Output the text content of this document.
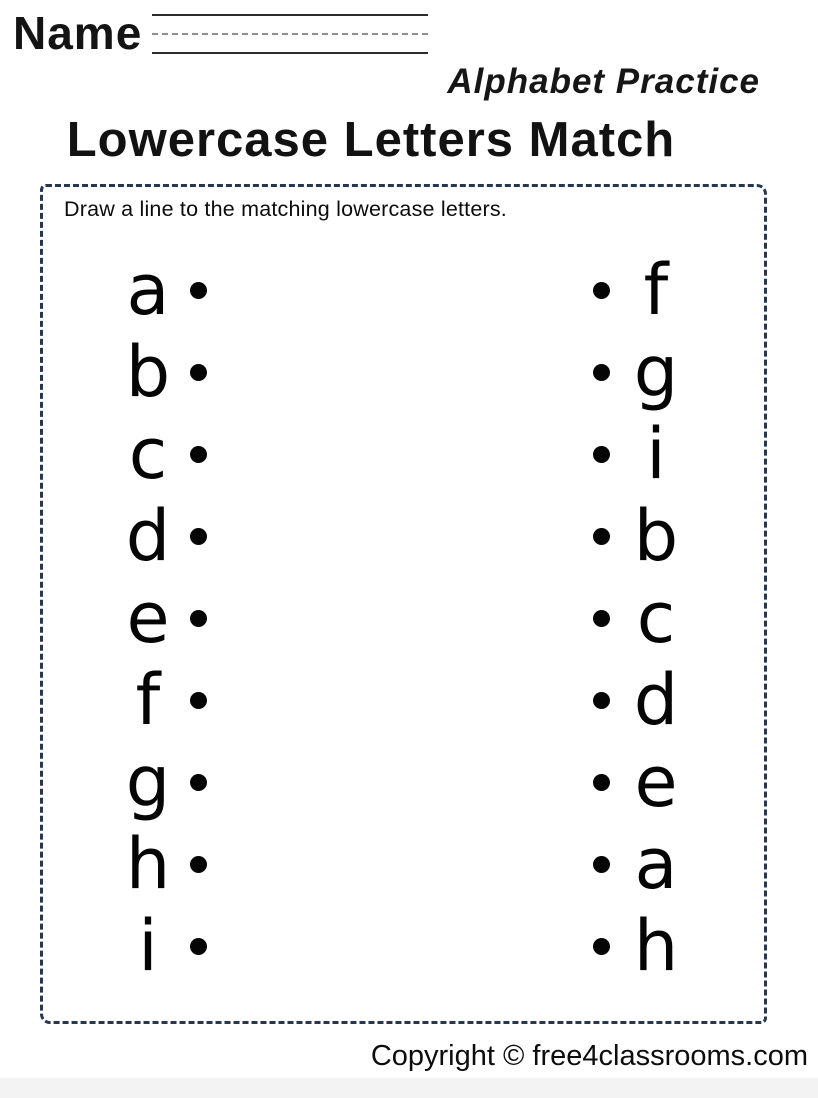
Name
Alphabet Practice
Lowercase Letters Match
Draw a line to the matching lowercase letters.
a	f
b	g
c	i
d	b
e	c
f	d
g	e
h	a
i	h
Copyright © free4classrooms.com
